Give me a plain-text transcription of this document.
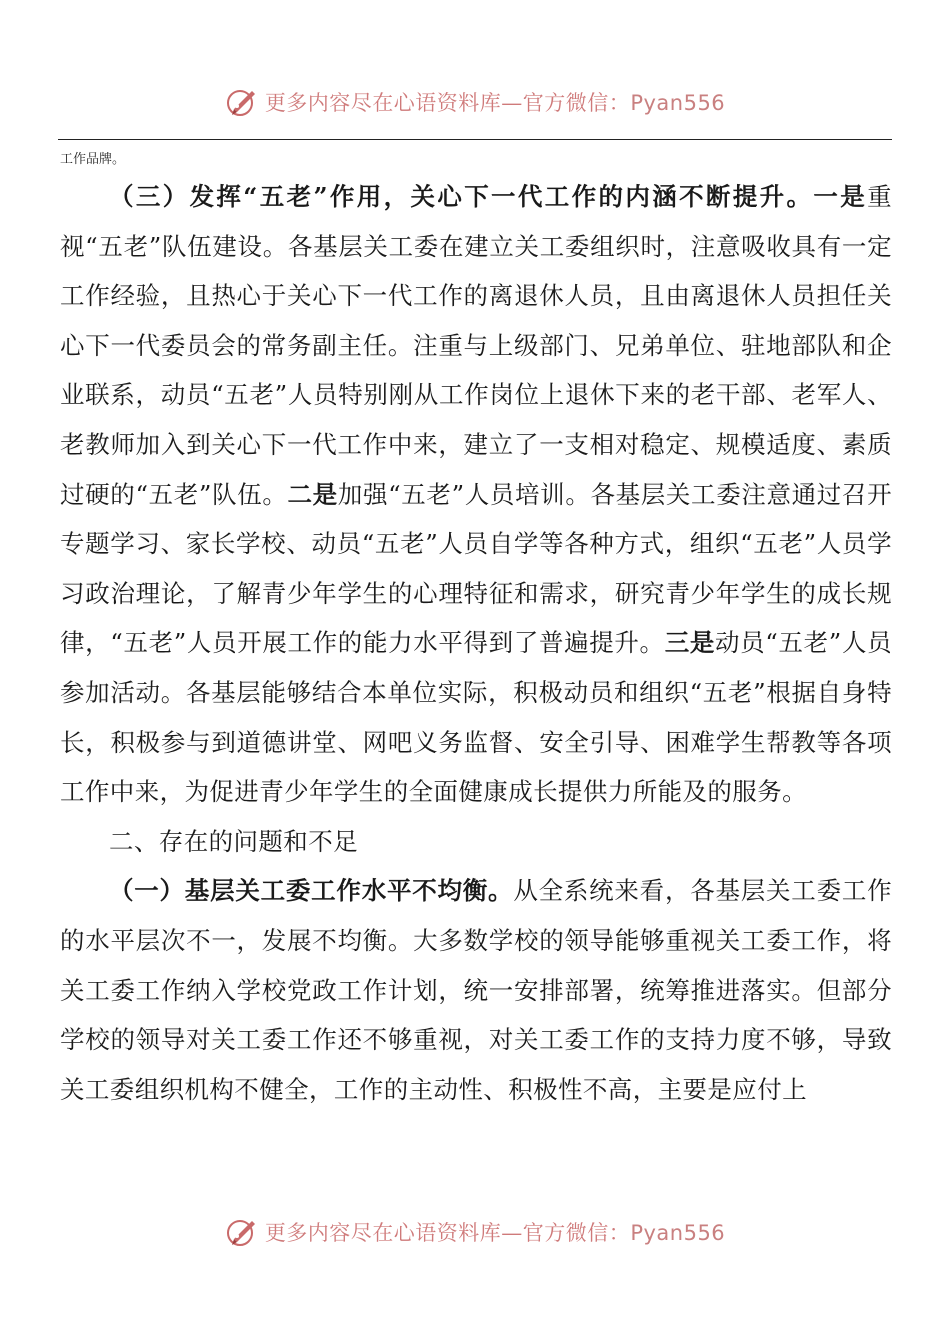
更多内容尽在心语资料库—官方微信：Pyan556
工作品牌。

（三）发挥“五老”作用，关心下一代工作的内涵不断提升。一是重视“五老”队伍建设。各基层关工委在建立关工委组织时，注意吸收具有一定工作经验，且热心于关心下一代工作的离退休人员，且由离退休人员担任关心下一代委员会的常务副主任。注重与上级部门、兄弟单位、驻地部队和企业联系，动员“五老”人员特别刚从工作岗位上退休下来的老干部、老军人、老教师加入到关心下一代工作中来，建立了一支相对稳定、规模适度、素质过硬的“五老”队伍。二是加强“五老”人员培训。各基层关工委注意通过召开专题学习、家长学校、动员“五老”人员自学等各种方式，组织“五老”人员学习政治理论，了解青少年学生的心理特征和需求，研究青少年学生的成长规律，“五老”人员开展工作的能力水平得到了普遍提升。三是动员“五老”人员参加活动。各基层能够结合本单位实际，积极动员和组织“五老”根据自身特长，积极参与到道德讲堂、网吧义务监督、安全引导、困难学生帮教等各项工作中来，为促进青少年学生的全面健康成长提供力所能及的服务。

二、存在的问题和不足

（一）基层关工委工作水平不均衡。从全系统来看，各基层关工委工作的水平层次不一，发展不均衡。大多数学校的领导能够重视关工委工作，将关工委工作纳入学校党政工作计划，统一安排部署，统筹推进落实。但部分学校的领导对关工委工作还不够重视，对关工委工作的支持力度不够，导致关工委组织机构不健全，工作的主动性、积极性不高，主要是应付上

更多内容尽在心语资料库—官方微信：Pyan556
